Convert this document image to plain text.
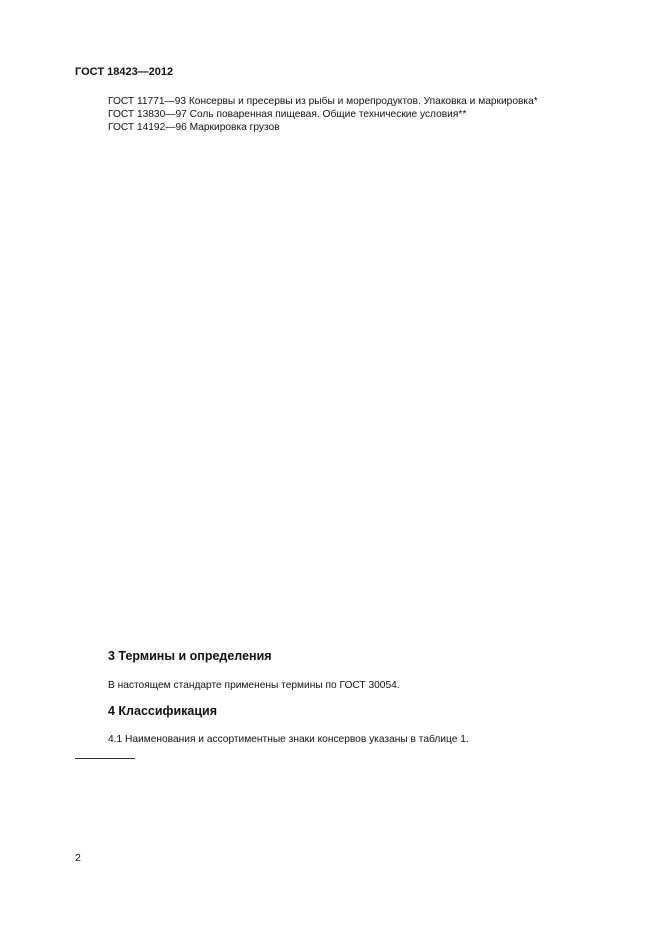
ГОСТ 18423—2012
ГОСТ 11771—93 Консервы и пресервы из рыбы и морепродуктов. Упаковка и маркировка*
ГОСТ 13830—97 Соль поваренная пищевая. Общие технические условия**
ГОСТ 14192—96 Маркировка грузов
3 Термины и определения
В настоящем стандарте применены термины по ГОСТ 30054.
4 Классификация
4.1 Наименования и ассортиментные знаки консервов указаны в таблице 1.
2
